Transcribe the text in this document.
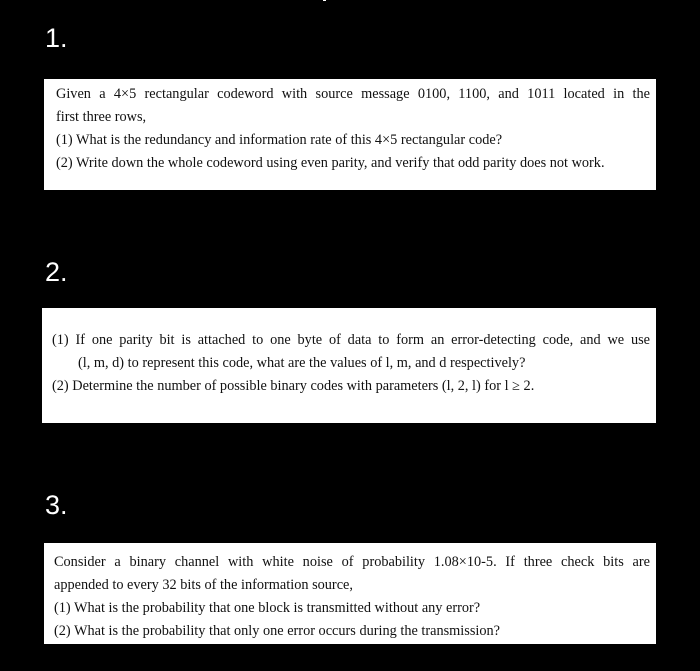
1.
Given a 4×5 rectangular codeword with source message 0100, 1100, and 1011 located in the
first three rows,
(1) What is the redundancy and information rate of this 4×5 rectangular code?
(2) Write down the whole codeword using even parity, and verify that odd parity does not work.
2.
(1) If one parity bit is attached to one byte of data to form an error-detecting code, and we use
(l, m, d) to represent this code, what are the values of l, m, and d respectively?
(2) Determine the number of possible binary codes with parameters (l, 2, l) for l ≥ 2.
3.
Consider a binary channel with white noise of probability 1.08×10-5. If three check bits are
appended to every 32 bits of the information source,
(1) What is the probability that one block is transmitted without any error?
(2) What is the probability that only one error occurs during the transmission?
